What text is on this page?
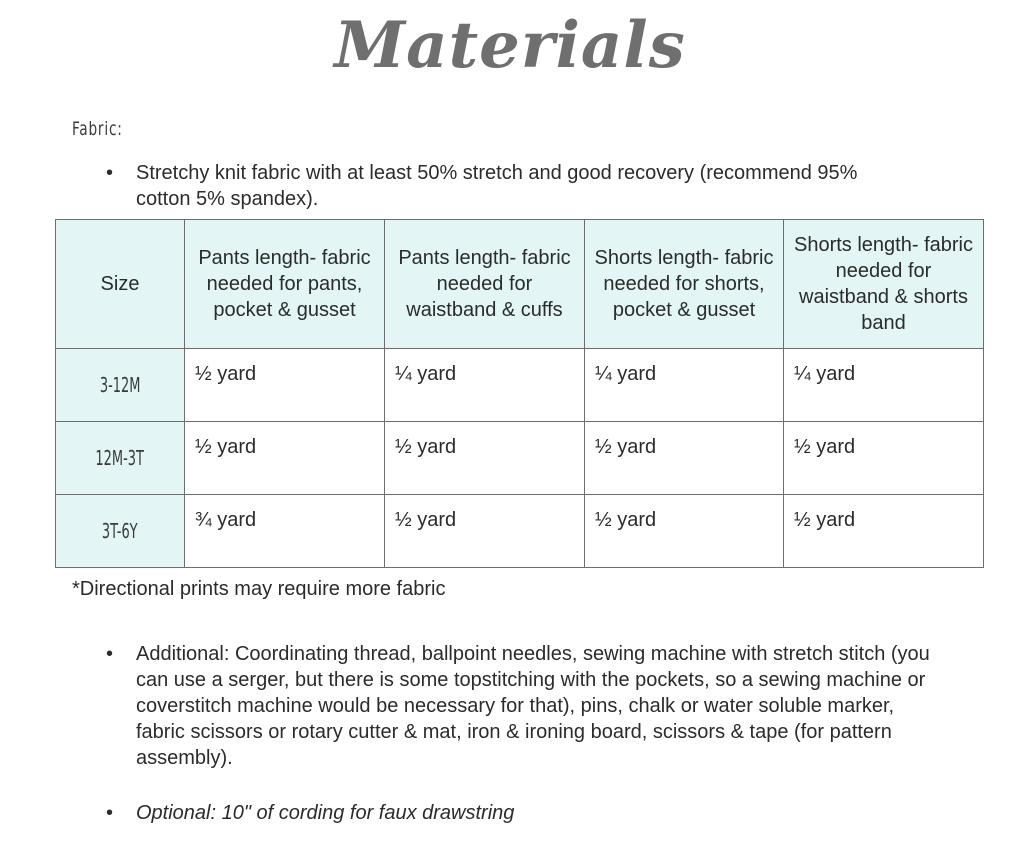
Materials
Fabric:
• Stretchy knit fabric with at least 50% stretch and good recovery (recommend 95% cotton 5% spandex).
Size	Pants length- fabric needed for pants, pocket & gusset	Pants length- fabric needed for waistband & cuffs	Shorts length- fabric needed for shorts, pocket & gusset	Shorts length- fabric needed for waistband & shorts band
3-12M	½ yard	¼ yard	¼ yard	¼ yard
12M-3T	½ yard	½ yard	½ yard	½ yard
3T-6Y	¾ yard	½ yard	½ yard	½ yard
*Directional prints may require more fabric
• Additional: Coordinating thread, ballpoint needles, sewing machine with stretch stitch (you can use a serger, but there is some topstitching with the pockets, so a sewing machine or coverstitch machine would be necessary for that), pins, chalk or water soluble marker, fabric scissors or rotary cutter & mat, iron & ironing board, scissors & tape (for pattern assembly).
• Optional: 10" of cording for faux drawstring
